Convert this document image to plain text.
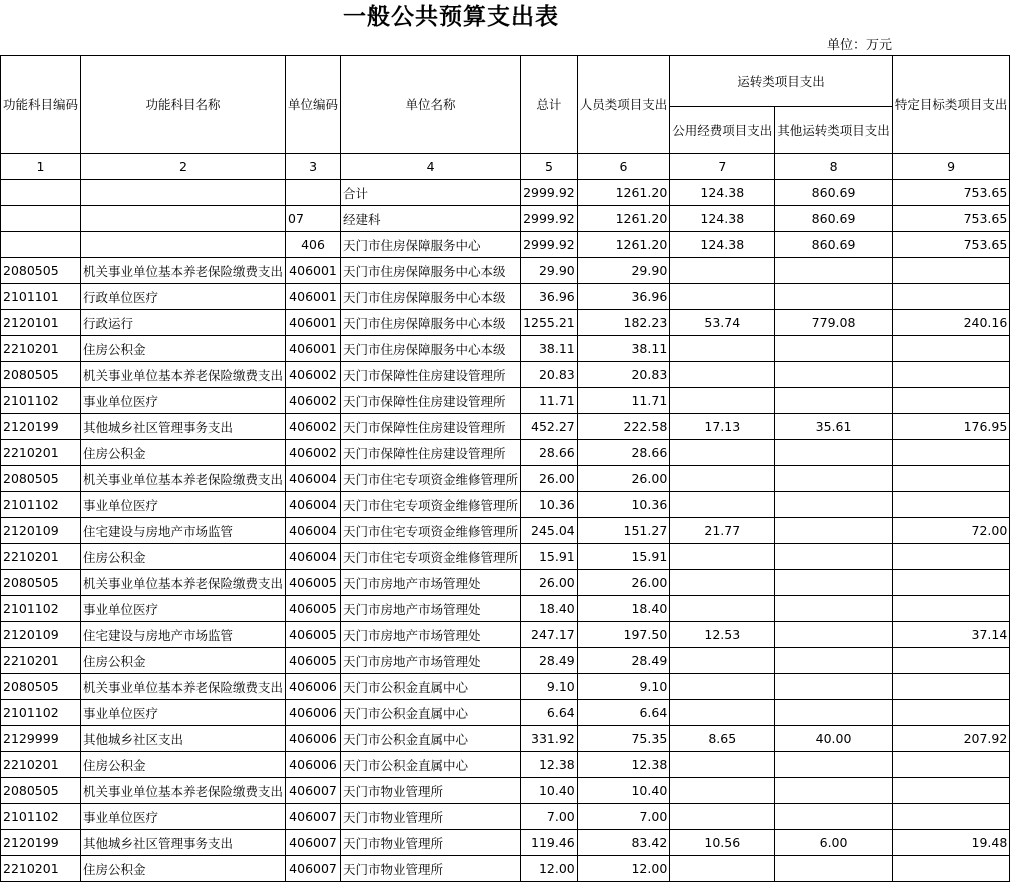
一般公共预算支出表
单位：万元
功能科目编码	功能科目名称	单位编码	单位名称	总计	人员类项目支出	运转类项目支出		特定目标类项目支出
						公用经费项目支出	其他运转类项目支出	
1	2	3	4	5	6	7	8	9
			合计	2999.92	1261.20	124.38	860.69	753.65
		07	经建科	2999.92	1261.20	124.38	860.69	753.65
		406	天门市住房保障服务中心	2999.92	1261.20	124.38	860.69	753.65
2080505	机关事业单位基本养老保险缴费支出	406001	天门市住房保障服务中心本级	29.90	29.90			
2101101	行政单位医疗	406001	天门市住房保障服务中心本级	36.96	36.96			
2120101	行政运行	406001	天门市住房保障服务中心本级	1255.21	182.23	53.74	779.08	240.16
2210201	住房公积金	406001	天门市住房保障服务中心本级	38.11	38.11			
2080505	机关事业单位基本养老保险缴费支出	406002	天门市保障性住房建设管理所	20.83	20.83			
2101102	事业单位医疗	406002	天门市保障性住房建设管理所	11.71	11.71			
2120199	其他城乡社区管理事务支出	406002	天门市保障性住房建设管理所	452.27	222.58	17.13	35.61	176.95
2210201	住房公积金	406002	天门市保障性住房建设管理所	28.66	28.66			
2080505	机关事业单位基本养老保险缴费支出	406004	天门市住宅专项资金维修管理所	26.00	26.00			
2101102	事业单位医疗	406004	天门市住宅专项资金维修管理所	10.36	10.36			
2120109	住宅建设与房地产市场监管	406004	天门市住宅专项资金维修管理所	245.04	151.27	21.77		72.00
2210201	住房公积金	406004	天门市住宅专项资金维修管理所	15.91	15.91			
2080505	机关事业单位基本养老保险缴费支出	406005	天门市房地产市场管理处	26.00	26.00			
2101102	事业单位医疗	406005	天门市房地产市场管理处	18.40	18.40			
2120109	住宅建设与房地产市场监管	406005	天门市房地产市场管理处	247.17	197.50	12.53		37.14
2210201	住房公积金	406005	天门市房地产市场管理处	28.49	28.49			
2080505	机关事业单位基本养老保险缴费支出	406006	天门市公积金直属中心	9.10	9.10			
2101102	事业单位医疗	406006	天门市公积金直属中心	6.64	6.64			
2129999	其他城乡社区支出	406006	天门市公积金直属中心	331.92	75.35	8.65	40.00	207.92
2210201	住房公积金	406006	天门市公积金直属中心	12.38	12.38			
2080505	机关事业单位基本养老保险缴费支出	406007	天门市物业管理所	10.40	10.40			
2101102	事业单位医疗	406007	天门市物业管理所	7.00	7.00			
2120199	其他城乡社区管理事务支出	406007	天门市物业管理所	119.46	83.42	10.56	6.00	19.48
2210201	住房公积金	406007	天门市物业管理所	12.00	12.00			
